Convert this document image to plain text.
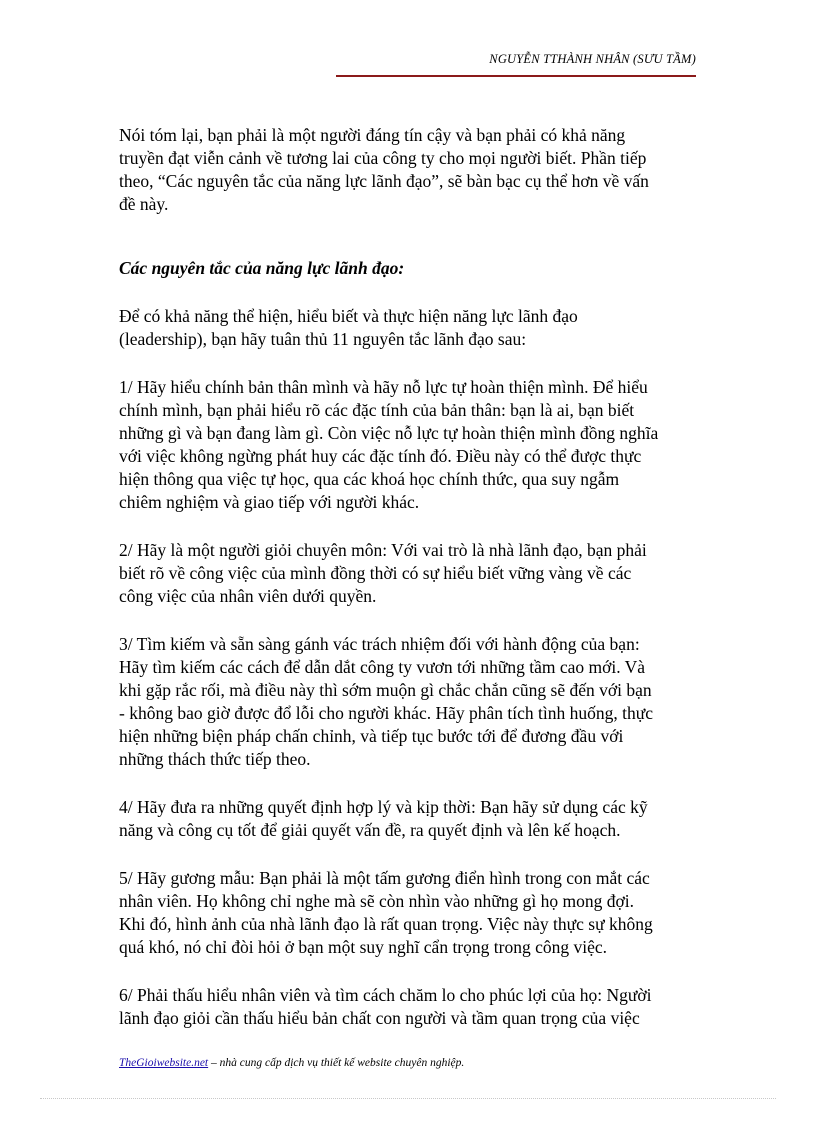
NGUYỄN TTHÀNH NHÂN (SƯU TẦM)

Nói tóm lại, bạn phải là một người đáng tín cậy và bạn phải có khả năng
truyền đạt viễn cảnh về tương lai của công ty cho mọi người biết. Phần tiếp
theo, “Các nguyên tắc của năng lực lãnh đạo”, sẽ bàn bạc cụ thể hơn về vấn
đề này.

Các nguyên tắc của năng lực lãnh đạo:

Để có khả năng thể hiện, hiểu biết và thực hiện năng lực lãnh đạo
(leadership), bạn hãy tuân thủ 11 nguyên tắc lãnh đạo sau:

1/ Hãy hiểu chính bản thân mình và hãy nỗ lực tự hoàn thiện mình. Để hiểu
chính mình, bạn phải hiểu rõ các đặc tính của bản thân: bạn là ai, bạn biết
những gì và bạn đang làm gì. Còn việc nỗ lực tự hoàn thiện mình đồng nghĩa
với việc không ngừng phát huy các đặc tính đó. Điều này có thể được thực
hiện thông qua việc tự học, qua các khoá học chính thức, qua suy ngẫm
chiêm nghiệm và giao tiếp với người khác.

2/ Hãy là một người giỏi chuyên môn: Với vai trò là nhà lãnh đạo, bạn phải
biết rõ về công việc của mình đồng thời có sự hiểu biết vững vàng về các
công việc của nhân viên dưới quyền.

3/ Tìm kiếm và sẵn sàng gánh vác trách nhiệm đối với hành động của bạn:
Hãy tìm kiếm các cách để dẫn dắt công ty vươn tới những tầm cao mới. Và
khi gặp rắc rối, mà điều này thì sớm muộn gì chắc chắn cũng sẽ đến với bạn
- không bao giờ được đổ lỗi cho người khác. Hãy phân tích tình huống, thực
hiện những biện pháp chấn chỉnh, và tiếp tục bước tới để đương đầu với
những thách thức tiếp theo.

4/ Hãy đưa ra những quyết định hợp lý và kịp thời: Bạn hãy sử dụng các kỹ
năng và công cụ tốt để giải quyết vấn đề, ra quyết định và lên kế hoạch.

5/ Hãy gương mẫu: Bạn phải là một tấm gương điển hình trong con mắt các
nhân viên. Họ không chỉ nghe mà sẽ còn nhìn vào những gì họ mong đợi.
Khi đó, hình ảnh của nhà lãnh đạo là rất quan trọng. Việc này thực sự không
quá khó, nó chỉ đòi hỏi ở bạn một suy nghĩ cẩn trọng trong công việc.

6/ Phải thấu hiểu nhân viên và tìm cách chăm lo cho phúc lợi của họ: Người
lãnh đạo giỏi cần thấu hiểu bản chất con người và tầm quan trọng của việc

TheGioiwebsite.net – nhà cung cấp dịch vụ thiết kế website chuyên nghiệp.
